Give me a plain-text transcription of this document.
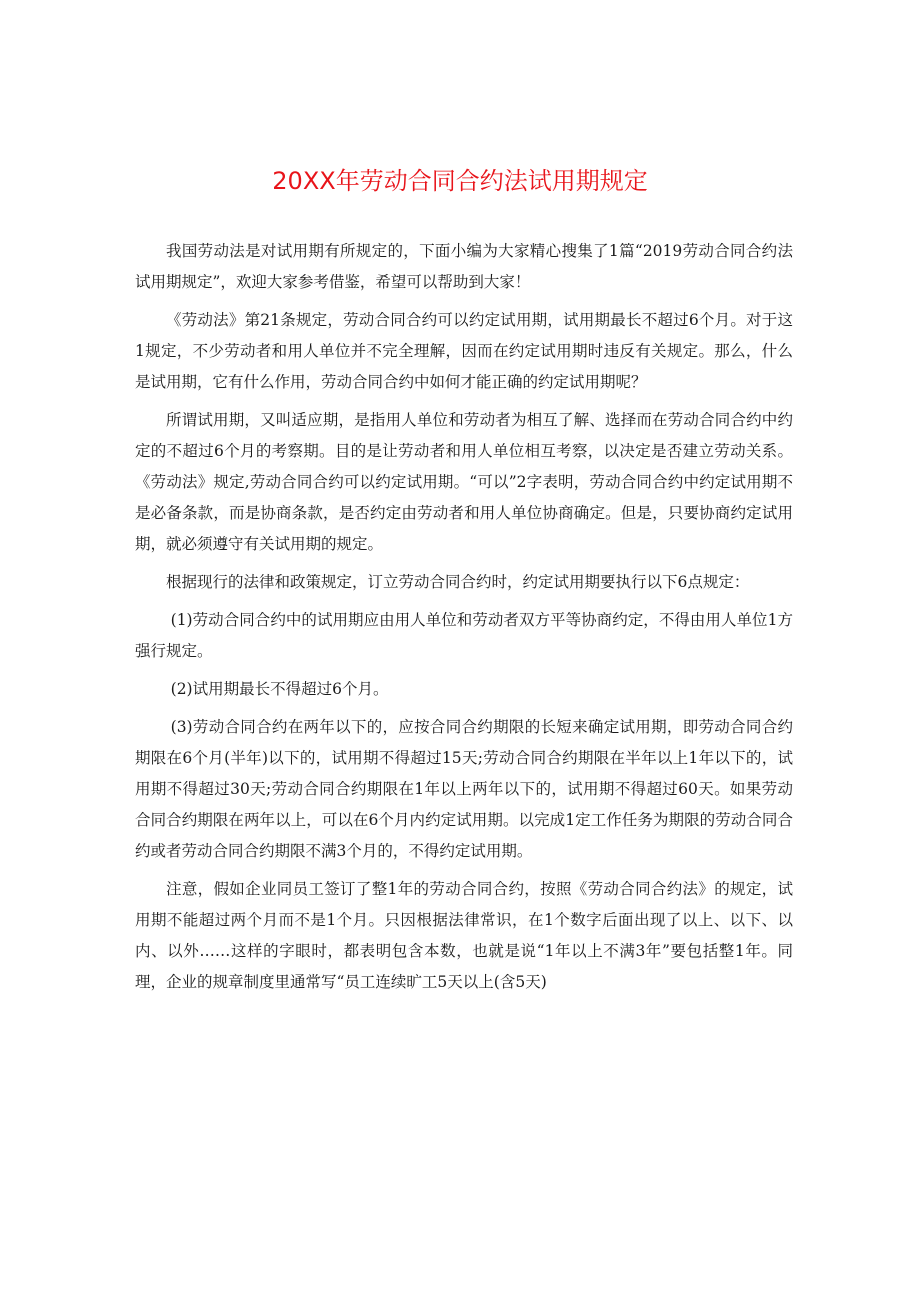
20XX年劳动合同合约法试用期规定

我国劳动法是对试用期有所规定的，下面小编为大家精心搜集了1篇“2019劳动合同合约法试用期规定”，欢迎大家参考借鉴，希望可以帮助到大家！

《劳动法》第21条规定，劳动合同合约可以约定试用期，试用期最长不超过6个月。对于这1规定，不少劳动者和用人单位并不完全理解，因而在约定试用期时违反有关规定。那么，什么是试用期，它有什么作用，劳动合同合约中如何才能正确的约定试用期呢？

所谓试用期，又叫适应期，是指用人单位和劳动者为相互了解、选择而在劳动合同合约中约定的不超过6个月的考察期。目的是让劳动者和用人单位相互考察，以决定是否建立劳动关系。《劳动法》规定,劳动合同合约可以约定试用期。“可以”2字表明，劳动合同合约中约定试用期不是必备条款，而是协商条款，是否约定由劳动者和用人单位协商确定。但是，只要协商约定试用期，就必须遵守有关试用期的规定。

根据现行的法律和政策规定，订立劳动合同合约时，约定试用期要执行以下6点规定：

(1)劳动合同合约中的试用期应由用人单位和劳动者双方平等协商约定，不得由用人单位1方强行规定。

(2)试用期最长不得超过6个月。

(3)劳动合同合约在两年以下的，应按合同合约期限的长短来确定试用期，即劳动合同合约期限在6个月(半年)以下的，试用期不得超过15天;劳动合同合约期限在半年以上1年以下的，试用期不得超过30天;劳动合同合约期限在1年以上两年以下的，试用期不得超过60天。如果劳动合同合约期限在两年以上，可以在6个月内约定试用期。以完成1定工作任务为期限的劳动合同合约或者劳动合同合约期限不满3个月的，不得约定试用期。

注意，假如企业同员工签订了整1年的劳动合同合约，按照《劳动合同合约法》的规定，试用期不能超过两个月而不是1个月。只因根据法律常识，在1个数字后面出现了以上、以下、以内、以外……这样的字眼时，都表明包含本数，也就是说“1年以上不满3年”要包括整1年。同理，企业的规章制度里通常写“员工连续旷工5天以上(含5天)
